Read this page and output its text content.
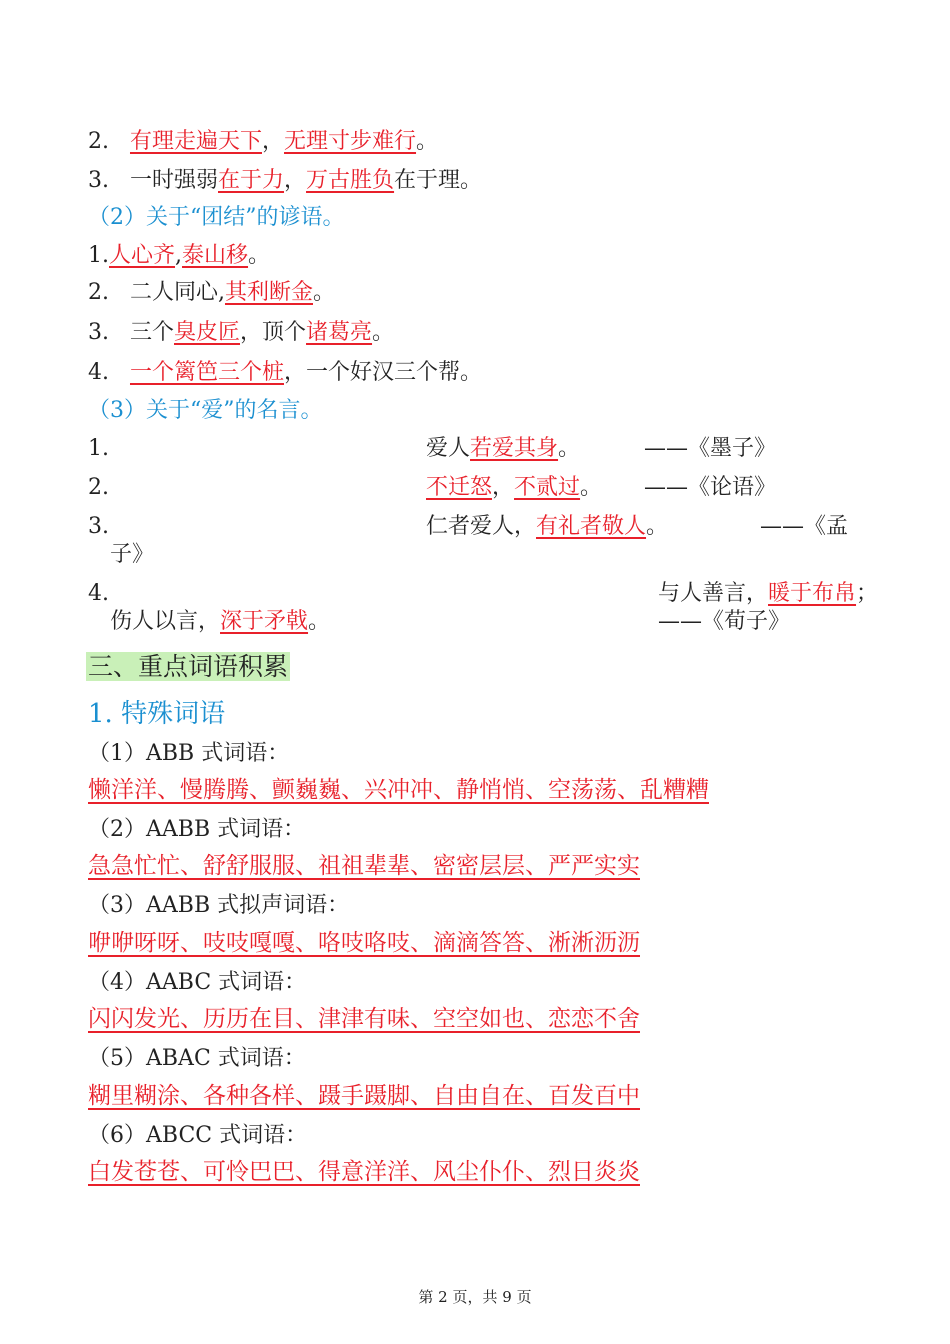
2. 有理走遍天下，无理寸步难行。
3. 一时强弱在于力，万古胜负在于理。
（2）关于“团结”的谚语。
1.人心齐,泰山移。
2. 二人同心,其利断金。
3. 三个臭皮匠，顶个诸葛亮。
4. 一个篱笆三个桩，一个好汉三个帮。
（3）关于“爱”的名言。
1.	爱人若爱其身。	——《墨子》
2.	不迁怒，不贰过。 ——《论语》
3.	仁者爱人，有礼者敬人。	——《孟
子》
4.	与人善言，暖于布帛；
伤人以言，深于矛戟。	——《荀子》
三、重点词语积累
1. 特殊词语
（1）ABB 式词语：
懒洋洋、慢腾腾、颤巍巍、兴冲冲、静悄悄、空荡荡、乱糟糟
（2）AABB 式词语：
急急忙忙、舒舒服服、祖祖辈辈、密密层层、严严实实
（3）AABB 式拟声词语：
咿咿呀呀、吱吱嘎嘎、咯吱咯吱、滴滴答答、淅淅沥沥
（4）AABC 式词语：
闪闪发光、历历在目、津津有味、空空如也、恋恋不舍
（5）ABAC 式词语：
糊里糊涂、各种各样、蹑手蹑脚、自由自在、百发百中
（6）ABCC 式词语：
白发苍苍、可怜巴巴、得意洋洋、风尘仆仆、烈日炎炎
第 2 页，共 9 页
